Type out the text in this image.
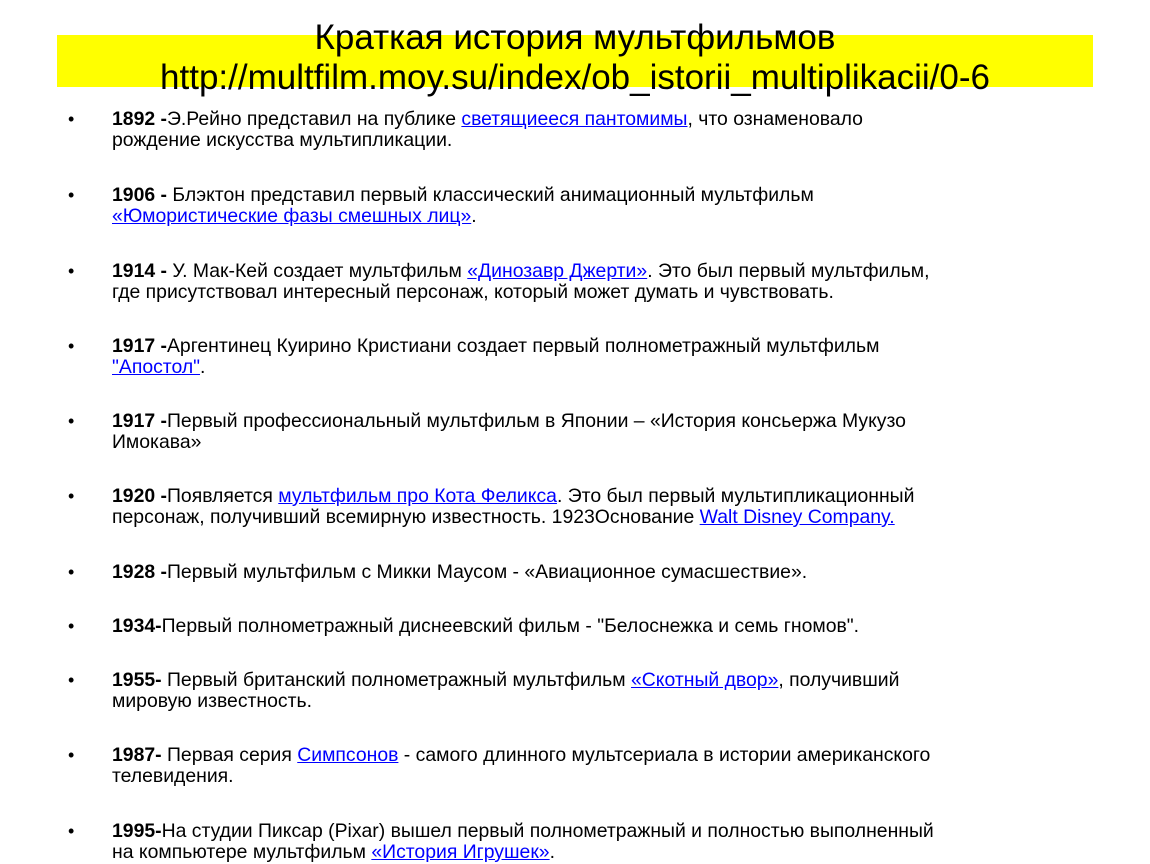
Краткая история мультфильмов
http://multfilm.moy.su/index/ob_istorii_multiplikacii/0-6
• 1892 -Э.Рейно представил на публике светящиееся пантомимы, что ознаменовало
рождение искусства мультипликации.
• 1906 - Блэктон представил первый классический анимационный мультфильм
«Юмористические фазы смешных лиц».
• 1914 - У. Мак-Кей создает мультфильм «Динозавр Джерти». Это был первый мультфильм,
где присутствовал интересный персонаж, который может думать и чувствовать.
• 1917 -Аргентинец Куирино Кристиани создает первый полнометражный мультфильм
"Апостол".
• 1917 -Первый профессиональный мультфильм в Японии – «История консьержа Мукузо
Имокава»
• 1920 -Появляется мультфильм про Кота Феликса. Это был первый мультипликационный
персонаж, получивший всемирную известность. 1923Основание Walt Disney Company.
• 1928 -Первый мультфильм с Микки Маусом - «Авиационное сумасшествие».
• 1934-Первый полнометражный диснеевский фильм - "Белоснежка и семь гномов".
• 1955- Первый британский полнометражный мультфильм «Скотный двор», получивший
мировую известность.
• 1987- Первая серия Симпсонов - самого длинного мультсериала в истории американского
телевидения.
• 1995-На студии Пиксар (Pixar) вышел первый полнометражный и полностью выполненный
на компьютере мультфильм «История Игрушек».
